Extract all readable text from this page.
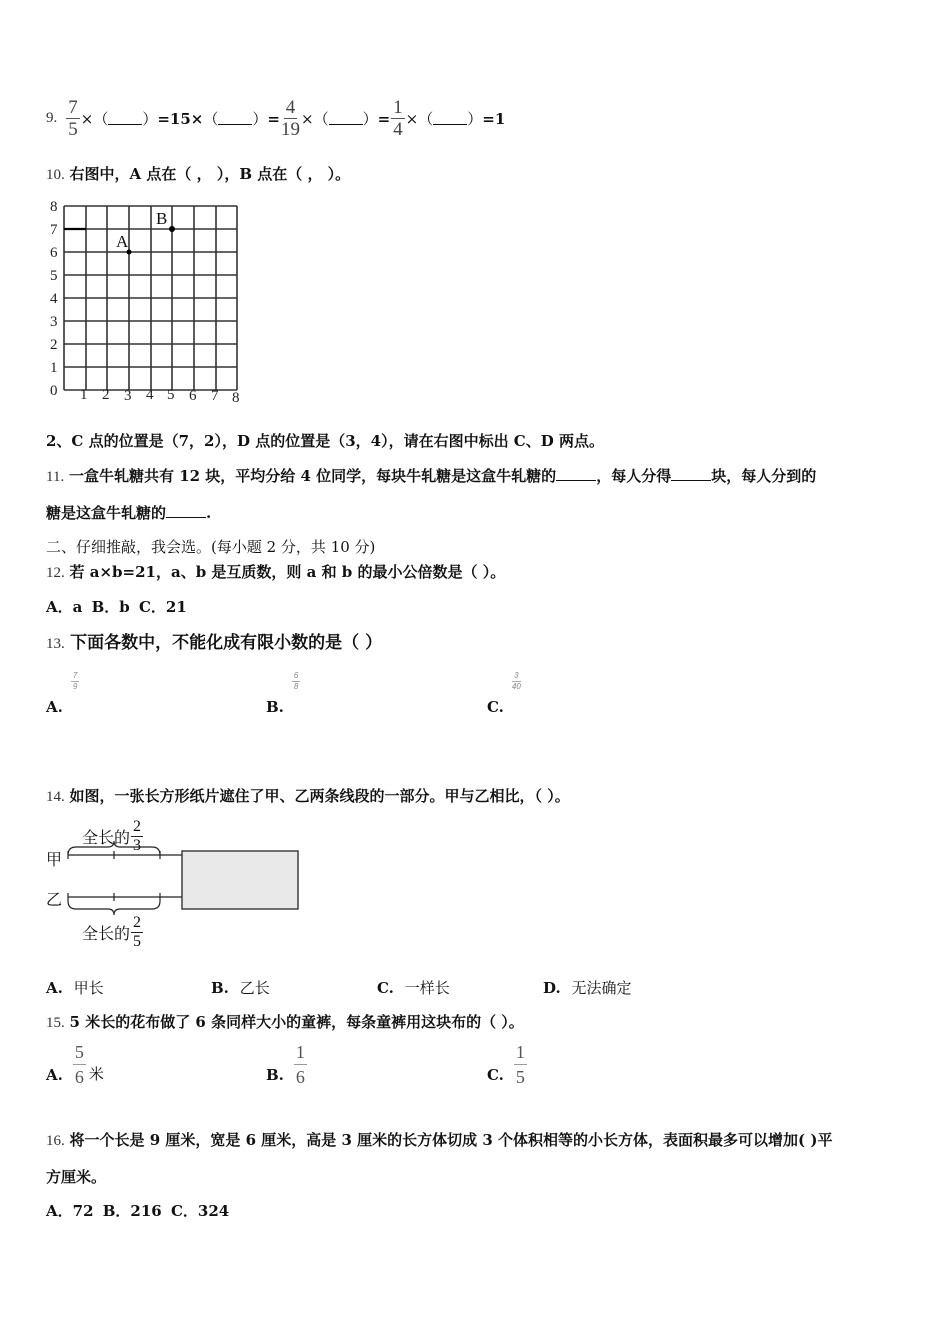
9. $\frac{7}{5}$ × （ ） =15× （ ） = $\frac{4}{19}$ × （ ） = $\frac{1}{4}$ × （ ） =1
10. 右图中，A 点在（ ， ），B 点在（ ， ）。
0 1 2 3 4 5 6 7 8
1
2
3
4
5
6
7
8
A
B
2、C 点的位置是（7，2），D 点的位置是（3，4），请在右图中标出 C、D 两点。
11. 一盒牛轧糖共有 12 块，平均分给 4 位同学，每块牛轧糖是这盒牛轧糖的	，每人分得	块，每人分到的
糖是这盒牛轧糖的	.
二、仔细推敲，我会选。(每小题 2 分，共 10 分)
12. 若 a×b=21，a、b 是互质数，则 a 和 b 的最小公倍数是（ ）。
A．a B．b C．21
13. 下面各数中，不能化成有限小数的是（ ）
A.
$\frac{7}{9}$
B.
$\frac{6}{8}$
C.
$\frac{3}{40}$
14. 如图，一张长方形纸片遮住了甲、乙两条线段的一部分。甲与乙相比，（ ）。
全长的 $\frac{2}{3}$
甲
乙
全长的 $\frac{2}{5}$
A. 甲长	B. 乙长	C. 一样长	D. 无法确定
15. 5 米长的花布做了 6 条同样大小的童裤，每条童裤用这块布的（ ）。
A. $\frac{5}{6}$ 米	B. $\frac{1}{6}$	C. $\frac{1}{5}$
16. 将一个长是 9 厘米，宽是 6 厘米，高是 3 厘米的长方体切成 3 个体积相等的小长方体，表面积最多可以增加( )平
方厘米。
A．72 B．216 C．324
